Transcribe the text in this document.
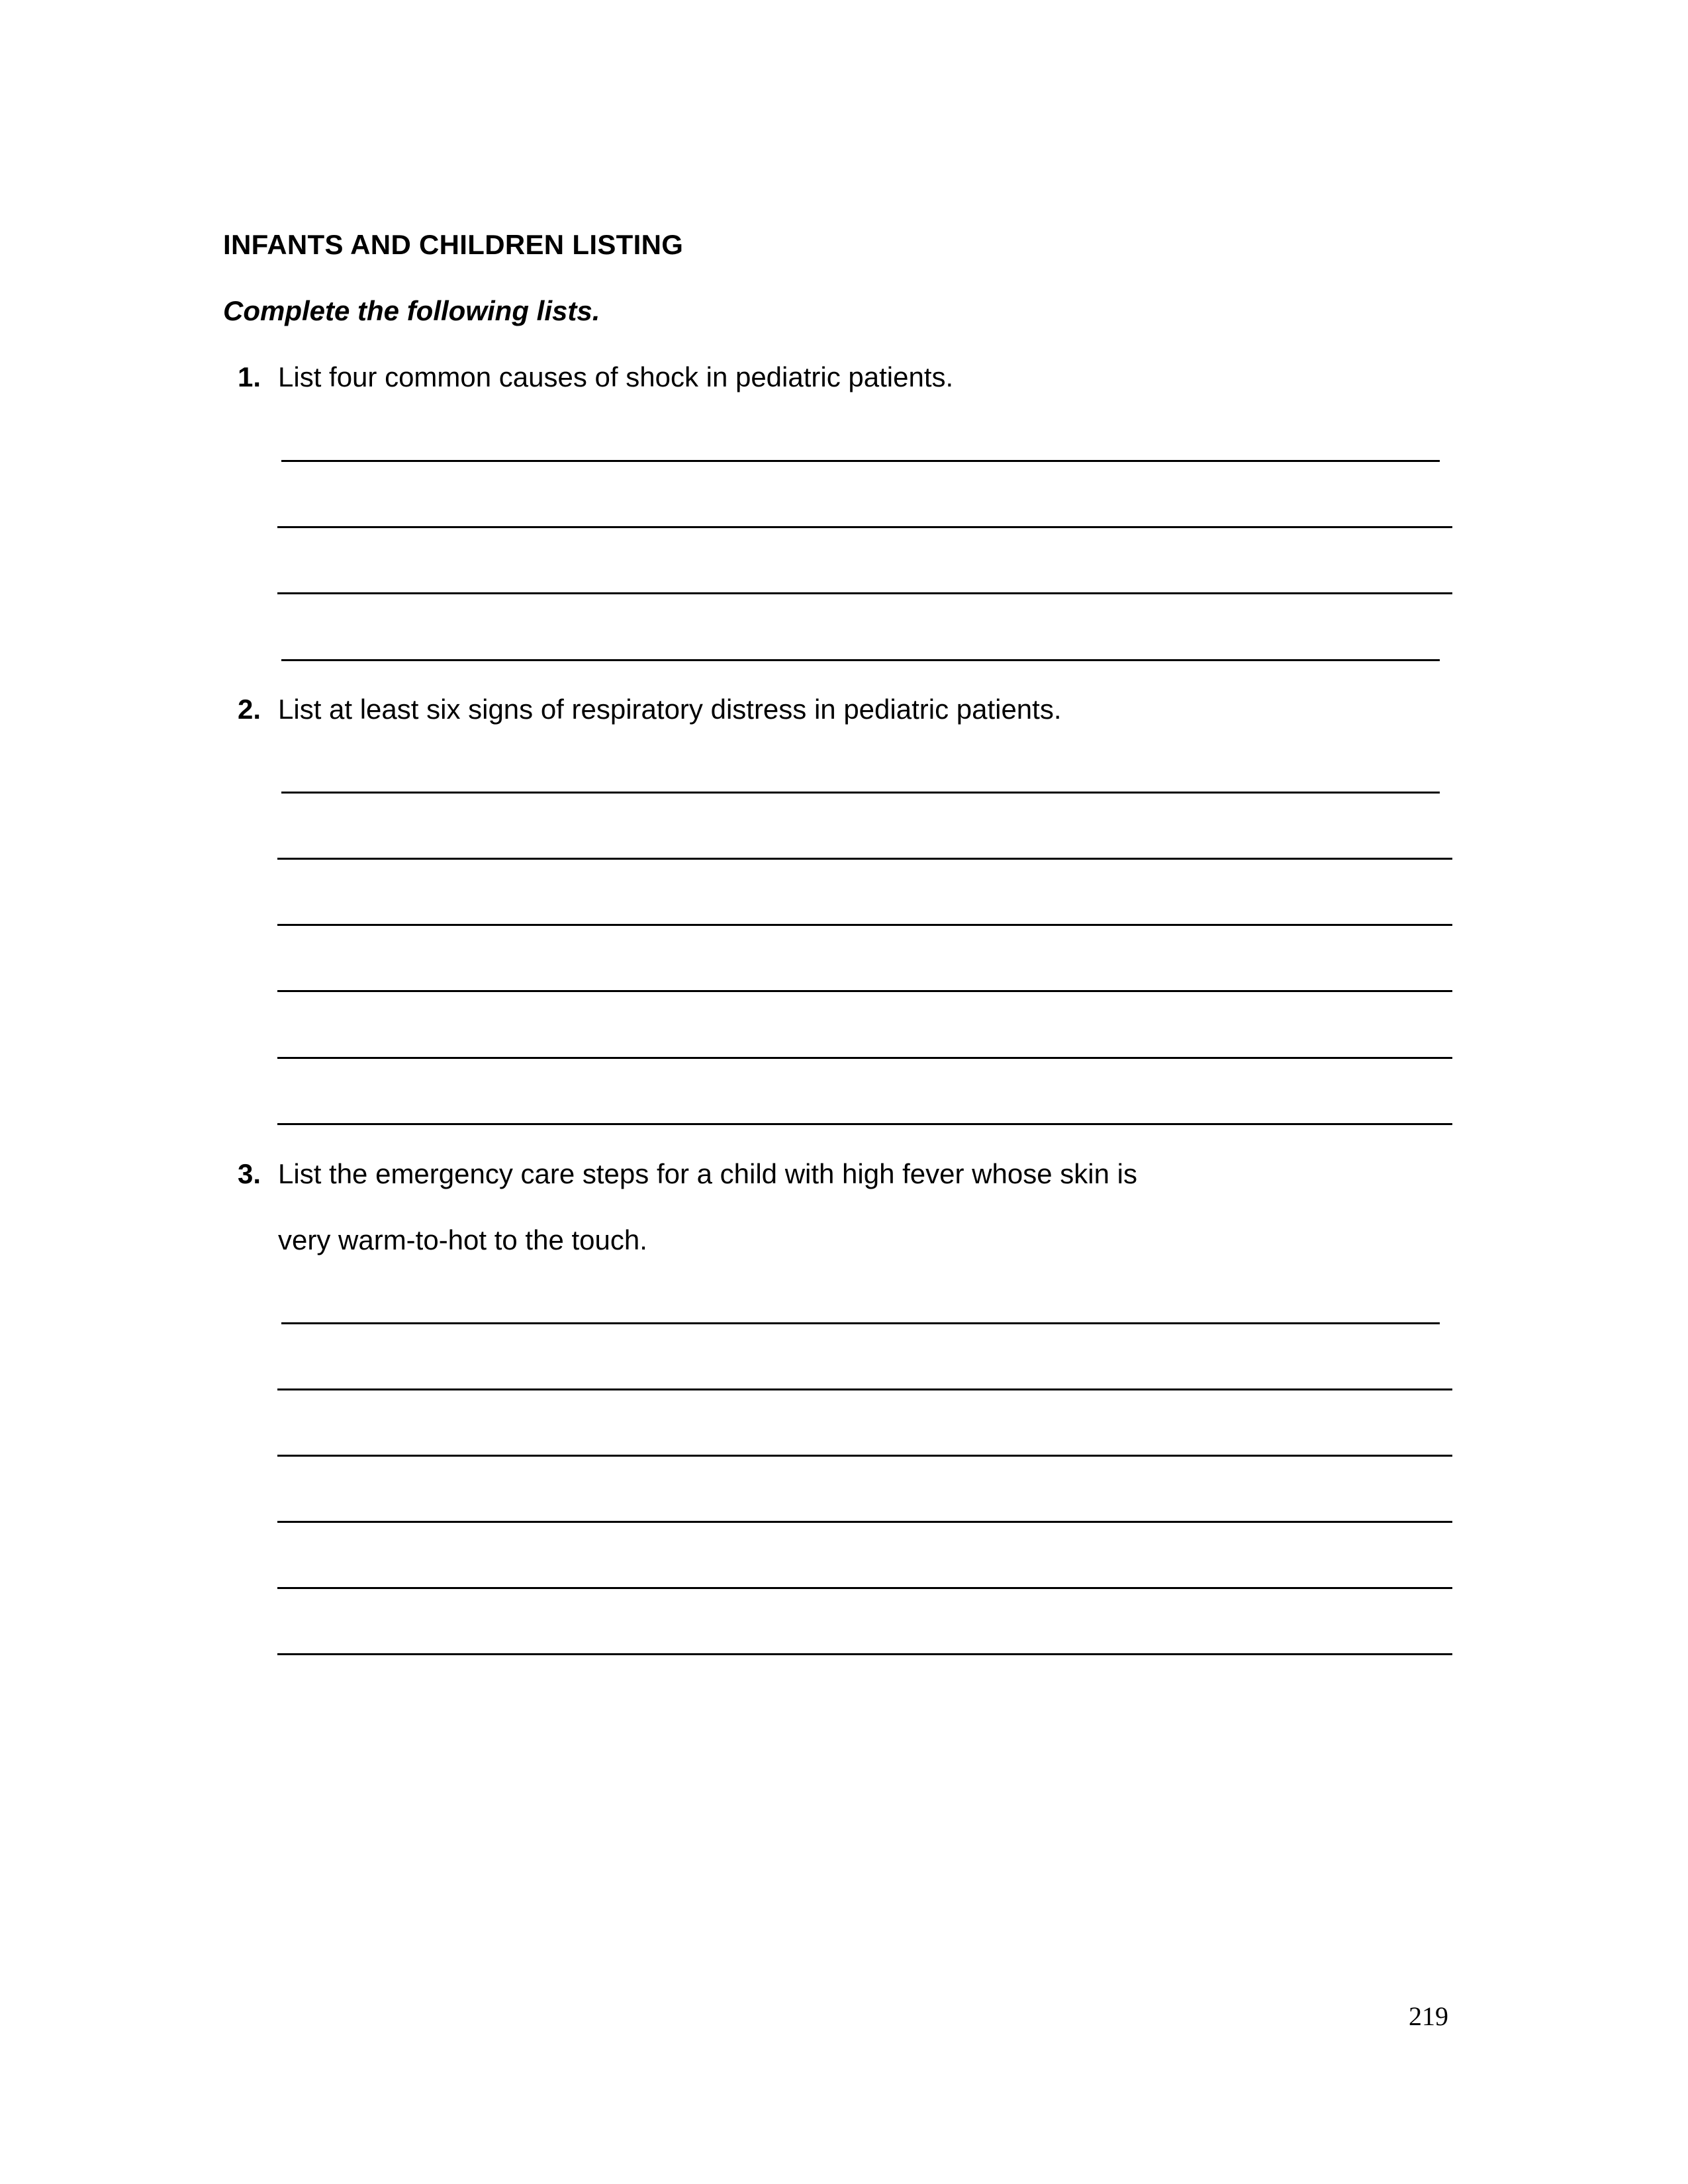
INFANTS AND CHILDREN LISTING
Complete the following lists.
1. List four common causes of shock in pediatric patients.
2. List at least six signs of respiratory distress in pediatric patients.
3. List the emergency care steps for a child with high fever whose skin is
very warm-to-hot to the touch.
219
